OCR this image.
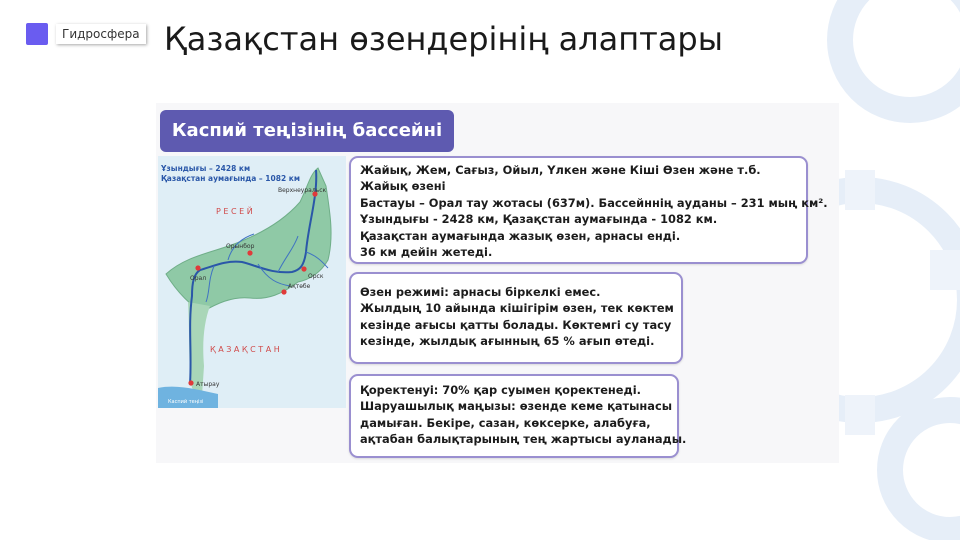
Гидросфера Қазақстан өзендерінің алаптары
Каспий теңізінің бассейні
Ұзындығы – 2428 км
Қазақстан аумағында – 1082 км
Р Е С Е Й
Қ А З А Қ С Т А Н
Верхнеуральск
Орынбор
Орал	Орск
Ақтөбе
Атырау
Каспий теңізі
Жайық, Жем, Сағыз, Ойыл, Үлкен және Кіші Өзен және т.б.
Жайық өзені
Бастауы – Орал тау жотасы (637м). Бассейннің ауданы – 231 мың км².
Ұзындығы - 2428 км, Қазақстан аумағында - 1082 км.
Қазақстан аумағында жазық өзен, арнасы енді.
36 км дейін жетеді.
Өзен режимі: арнасы біркелкі емес.
Жылдың 10 айында кішігірім өзен, тек көктем
кезінде ағысы қатты болады. Көктемгі су тасу
кезінде, жылдық ағынның 65 % ағып өтеді.
Қоректенуі: 70% қар суымен қоректенеді.
Шаруашылық маңызы: өзенде кеме қатынасы
дамыған. Бекіре, сазан, көксерке, алабуға,
ақтабан балықтарының тең жартысы ауланады.
